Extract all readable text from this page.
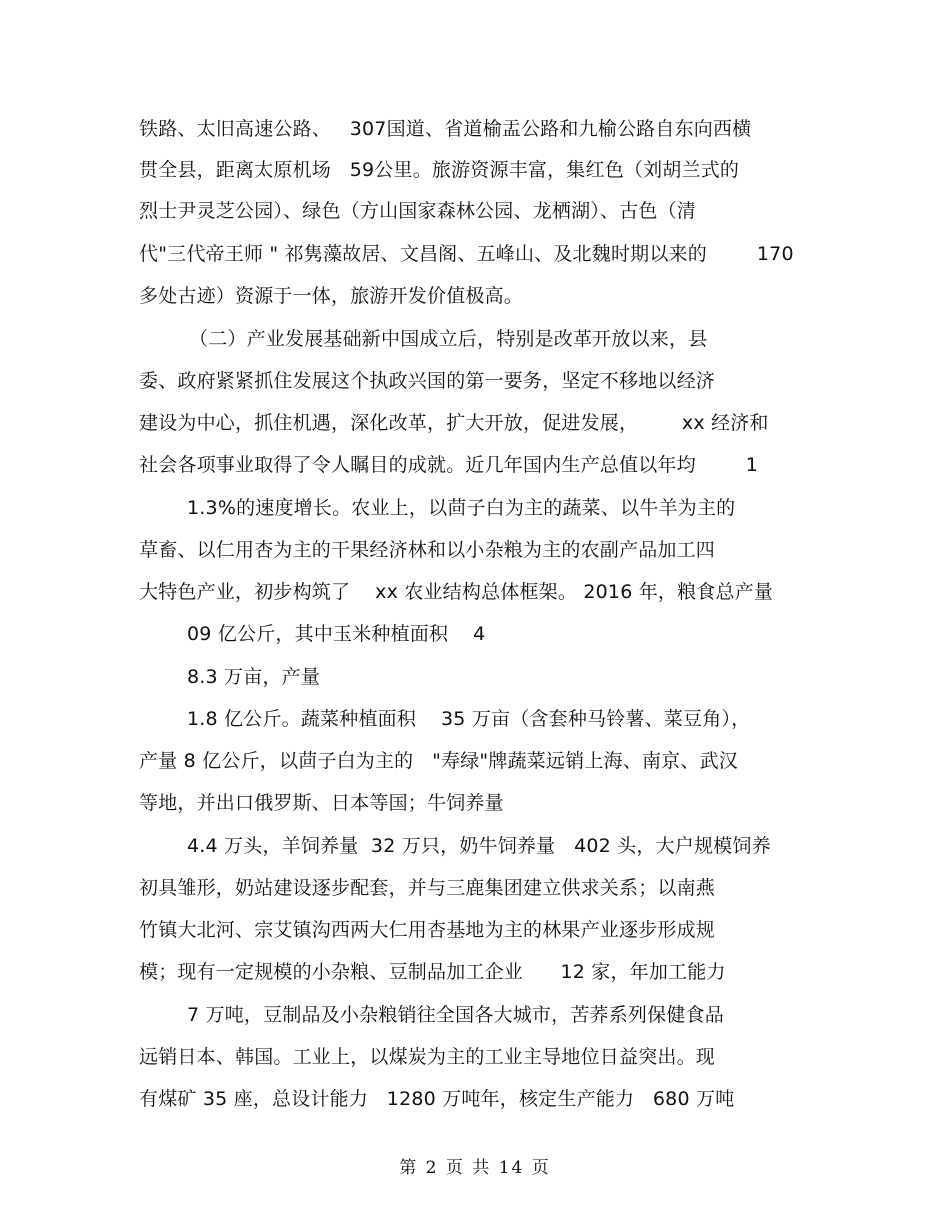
铁路、太旧高速公路、   307国道、省道榆盂公路和九榆公路自东向西横
贯全县，距离太原机场   59公里。旅游资源丰富，集红色（刘胡兰式的
烈士尹灵芝公园）、绿色（方山国家森林公园、龙栖湖）、古色（清
代"三代帝王师 " 祁隽藻故居、文昌阁、五峰山、及北魏时期以来的        170
多处古迹）资源于一体，旅游开发价值极高。
（二）产业发展基础新中国成立后，特别是改革开放以来，县
委、政府紧紧抓住发展这个执政兴国的第一要务，坚定不移地以经济
建设为中心，抓住机遇，深化改革，扩大开放，促进发展，       xx 经济和
社会各项事业取得了令人瞩目的成就。近几年国内生产总值以年均        1
1.3%的速度增长。农业上，以茴子白为主的蔬菜、以牛羊为主的
草畜、以仁用杏为主的干果经济林和以小杂粮为主的农副产品加工四
大特色产业，初步构筑了    xx 农业结构总体框架。 2016 年，粮食总产量
09 亿公斤，其中玉米种植面积    4
8.3 万亩，产量
1.8 亿公斤。蔬菜种植面积    35 万亩（含套种马铃薯、菜豆角），
产量 8 亿公斤，以茴子白为主的   "寿绿"牌蔬菜远销上海、南京、武汉
等地，并出口俄罗斯、日本等国；牛饲养量
4.4 万头，羊饲养量  32 万只，奶牛饲养量   402 头，大户规模饲养
初具雏形，奶站建设逐步配套，并与三鹿集团建立供求关系；以南燕
竹镇大北河、宗艾镇沟西两大仁用杏基地为主的林果产业逐步形成规
模；现有一定规模的小杂粮、豆制品加工企业      12 家，年加工能力
7 万吨，豆制品及小杂粮销往全国各大城市，苦荞系列保健食品
远销日本、韩国。工业上，以煤炭为主的工业主导地位日益突出。现
有煤矿 35 座，总设计能力   1280 万吨年，核定生产能力   680 万吨
第 2 页 共 14 页
